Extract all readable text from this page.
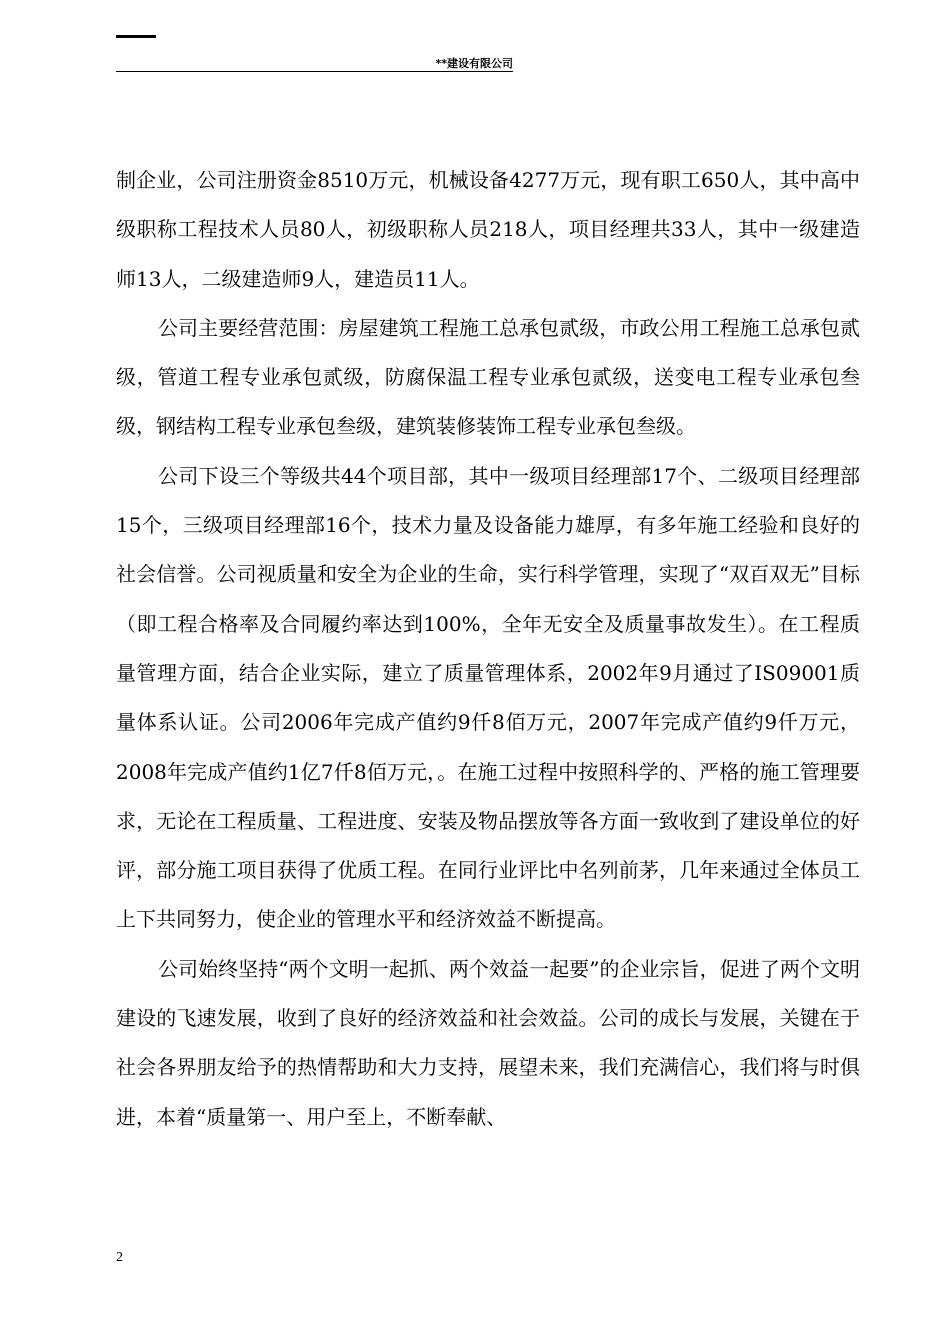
**建设有限公司

制企业，公司注册资金8510万元，机械设备4277万元，现有职工650人，其中高中级职称工程技术人员80人，初级职称人员218人，项目经理共33人，其中一级建造师13人，二级建造师9人，建造员11人。

公司主要经营范围：房屋建筑工程施工总承包贰级，市政公用工程施工总承包贰级，管道工程专业承包贰级，防腐保温工程专业承包贰级，送变电工程专业承包叁级，钢结构工程专业承包叁级，建筑装修装饰工程专业承包叁级。

公司下设三个等级共44个项目部，其中一级项目经理部17个、二级项目经理部15个，三级项目经理部16个，技术力量及设备能力雄厚，有多年施工经验和良好的社会信誉。公司视质量和安全为企业的生命，实行科学管理，实现了“双百双无”目标（即工程合格率及合同履约率达到100%，全年无安全及质量事故发生）。在工程质量管理方面，结合企业实际，建立了质量管理体系，2002年9月通过了IS09001质量体系认证。公司2006年完成产值约9仟8佰万元，2007年完成产值约9仟万元，2008年完成产值约1亿7仟8佰万元，。在施工过程中按照科学的、严格的施工管理要求，无论在工程质量、工程进度、安装及物品摆放等各方面一致收到了建设单位的好评，部分施工项目获得了优质工程。在同行业评比中名列前茅，几年来通过全体员工上下共同努力，使企业的管理水平和经济效益不断提高。

公司始终坚持“两个文明一起抓、两个效益一起要”的企业宗旨，促进了两个文明建设的飞速发展，收到了良好的经济效益和社会效益。公司的成长与发展，关键在于社会各界朋友给予的热情帮助和大力支持，展望未来，我们充满信心，我们将与时俱进，本着“质量第一、用户至上，不断奉献、

2
